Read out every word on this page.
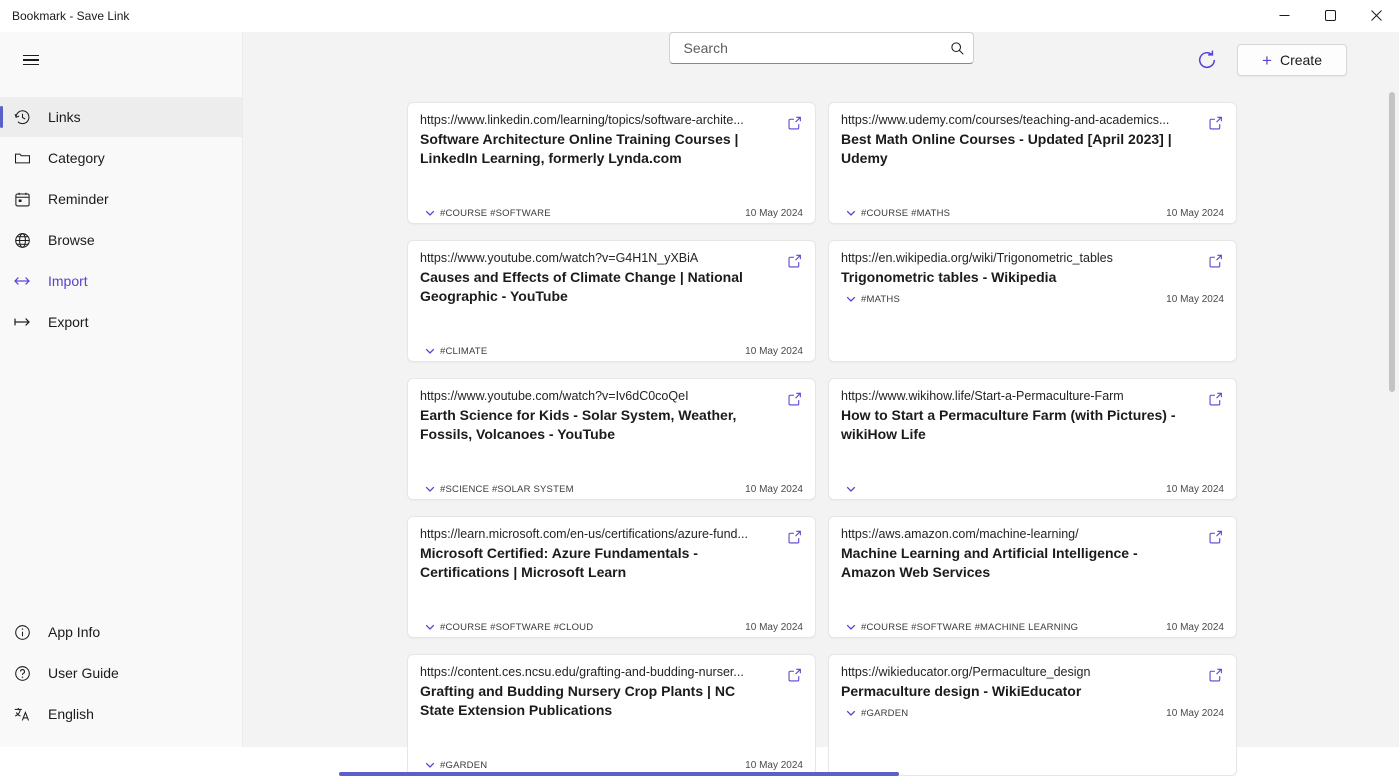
Bookmark - Save Link
Links
Category
Reminder
Browse
Import
Export
App Info
User Guide
English
Search
+ Create
https://www.linkedin.com/learning/topics/software-archite...
Software Architecture Online Training Courses | LinkedIn Learning, formerly Lynda.com
#COURSE #SOFTWARE	10 May 2024
https://www.udemy.com/courses/teaching-and-academics...
Best Math Online Courses - Updated [April 2023] | Udemy
#COURSE #MATHS	10 May 2024
https://www.youtube.com/watch?v=G4H1N_yXBiA
Causes and Effects of Climate Change | National Geographic - YouTube
#CLIMATE	10 May 2024
https://en.wikipedia.org/wiki/Trigonometric_tables
Trigonometric tables - Wikipedia
#MATHS	10 May 2024
https://www.youtube.com/watch?v=Iv6dC0coQeI
Earth Science for Kids - Solar System, Weather, Fossils, Volcanoes - YouTube
#SCIENCE #SOLAR SYSTEM	10 May 2024
https://www.wikihow.life/Start-a-Permaculture-Farm
How to Start a Permaculture Farm (with Pictures) - wikiHow Life
10 May 2024
https://learn.microsoft.com/en-us/certifications/azure-fund...
Microsoft Certified: Azure Fundamentals - Certifications | Microsoft Learn
#COURSE #SOFTWARE #CLOUD	10 May 2024
https://aws.amazon.com/machine-learning/
Machine Learning and Artificial Intelligence - Amazon Web Services
#COURSE #SOFTWARE #MACHINE LEARNING	10 May 2024
https://content.ces.ncsu.edu/grafting-and-budding-nurser...
Grafting and Budding Nursery Crop Plants | NC State Extension Publications
#GARDEN	10 May 2024
https://wikieducator.org/Permaculture_design
Permaculture design - WikiEducator
#GARDEN	10 May 2024
